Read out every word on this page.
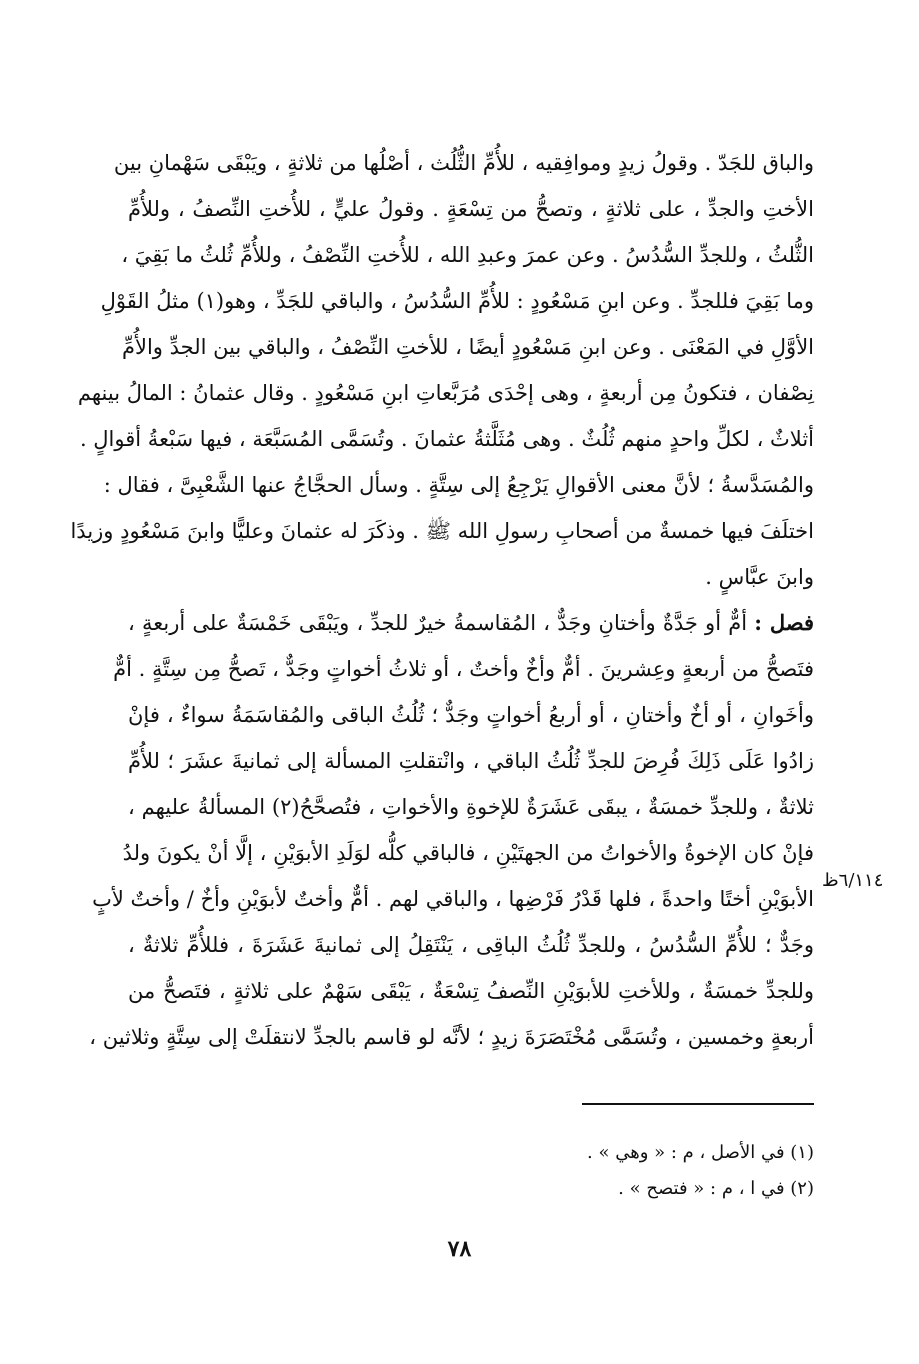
والباق للجَدّ . وقولُ زيدٍ وموافِقيه ، للأُمِّ الثُّلُث ، أصْلُها من ثلاثةٍ ، ويَبْقَى سَهْمانِ بين
الأختِ والجدِّ ، على ثلاثةٍ ، وتصحُّ من تِسْعَةٍ . وقولُ عليٍّ ، للأُختِ النِّصفُ ، وللأُمِّ
الثُّلثُ ، وللجدِّ السُّدُسُ . وعن عمرَ وعبدِ الله ، للأُختِ النِّصْفُ ، وللأُمِّ ثُلثُ ما بَقِيَ ،
وما بَقِيَ فللجدِّ . وعن ابنِ مَسْعُودٍ : للأُمِّ السُّدُسُ ، والباقي للجَدِّ ، وهو(١) مثلُ القَوْلِ
الأوَّلِ في المَعْنَى . وعن ابنِ مَسْعُودٍ أيضًا ، للأختِ النِّصْفُ ، والباقي بين الجدِّ والأُمِّ
نِصْفان ، فتكونُ مِن أربعةٍ ، وهى إحْدَى مُرَبَّعاتِ ابنِ مَسْعُودٍ . وقال عثمانُ : المالُ بينهم
أثلاثٌ ، لكلِّ واحدٍ منهم ثُلُثٌ . وهى مُثَلَّثةُ عثمانَ . وتُسَمَّى المُسَبَّعَة ، فيها سَبْعةُ أقوالٍ .
والمُسَدَّسةُ ؛ لأنَّ معنى الأقوالِ يَرْجِعُ إلى سِتَّةٍ . وسأل الحجَّاجُ عنها الشَّعْبِىَّ ، فقال :
اختلَفَ فيها خمسةٌ من أصحابِ رسولِ الله ﷺ . وذكَرَ له عثمانَ وعليًّا وابنَ مَسْعُودٍ وزيدًا
وابنَ عبَّاسٍ .
فصل : أمٌّ أو جَدَّةٌ وأختانِ وجَدٌّ ، المُقاسمةُ خيرٌ للجدِّ ، ويَبْقَى خَمْسَةٌ على أربعةٍ ،
فتَصحُّ من أربعةٍ وعِشرينَ . أمٌّ وأخٌ وأختٌ ، أو ثلاثُ أخواتٍ وجَدٌّ ، تَصحُّ مِن سِتَّةٍ . أمٌّ
وأخَوانِ ، أو أخٌ وأختانِ ، أو أربعُ أخواتٍ وجَدٌّ ؛ ثُلُثُ الباقى والمُقاسَمَةُ سواءٌ ، فإنْ
زادُوا عَلَى ذَلِكَ فُرِضَ للجدِّ ثُلُثُ الباقي ، وانْتقلتِ المسألة إلى ثمانيةَ عشَرَ ؛ للأُمِّ
ثلاثةٌ ، وللجدِّ خمسَةٌ ، يبقَى عَشَرَةٌ للإخوةِ والأخواتِ ، فتُصحَّحُ(٢) المسألةُ عليهم ،
فإنْ كان الإخوةُ والأخواتُ من الجهتَيْنِ ، فالباقي كلُّه لوَلَدِ الأبوَيْنِ ، إلَّا أنْ يكونَ ولدُ
الأبوَيْنِ أختًا واحدةً ، فلها قَدْرُ فَرْضِها ، والباقي لهم . أمٌّ وأختٌ لأبوَيْنِ وأخٌ / وأختٌ لأبٍ
وجَدٌّ ؛ للأُمِّ السُّدُسُ ، وللجدِّ ثُلُثُ الباقِى ، يَنْتَقِلُ إلى ثمانيةَ عَشَرَةَ ، فللأُمِّ ثلاثةٌ ،
وللجدِّ خمسَةٌ ، وللأختِ للأبوَيْنِ النِّصفُ تِسْعَةٌ ، يَبْقَى سَهْمٌ على ثلاثةٍ ، فتَصحُّ من
أربعةٍ وخمسين ، وتُسَمَّى مُخْتَصَرَةَ زيدٍ ؛ لأنَّه لو قاسم بالجدِّ لانتقلَتْ إلى سِتَّةٍ وثلاثين ،
٦/١١٤ظ
(١) في الأصل ، م : « وهي » .
(٢) في ا ، م : « فتصح » .
٧٨
